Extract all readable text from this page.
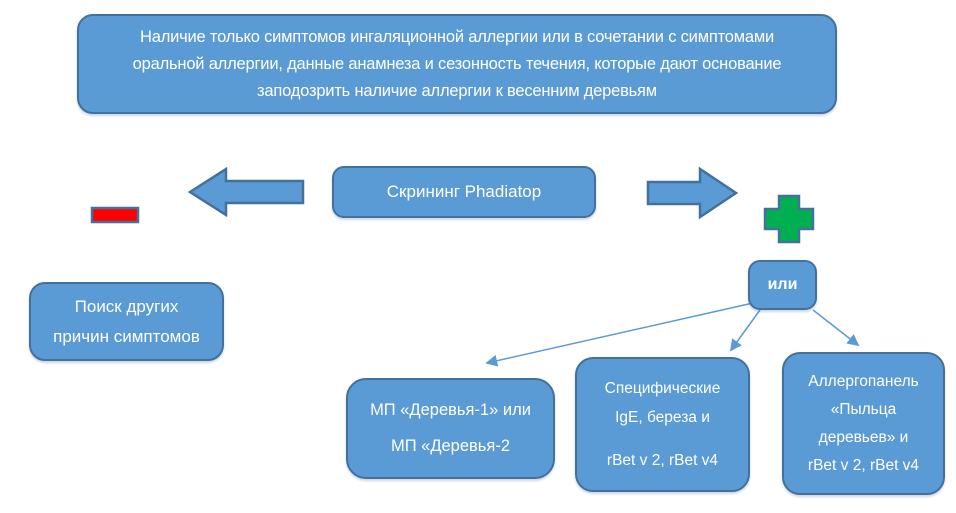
Наличие только симптомов ингаляционной аллергии или в сочетании с симптомами
оральной аллергии, данные анамнеза и сезонность течения, которые дают основание
заподозрить наличие аллергии к весенним деревьям
Скрининг Phadiatop
Поиск других
причин симптомов
или
МП «Деревья-1» или
МП «Деревья-2
Специфические
IgE, береза и
rBet v 2, rBet v4
Аллергопанель
«Пыльца
деревьев» и
rBet v 2, rBet v4
